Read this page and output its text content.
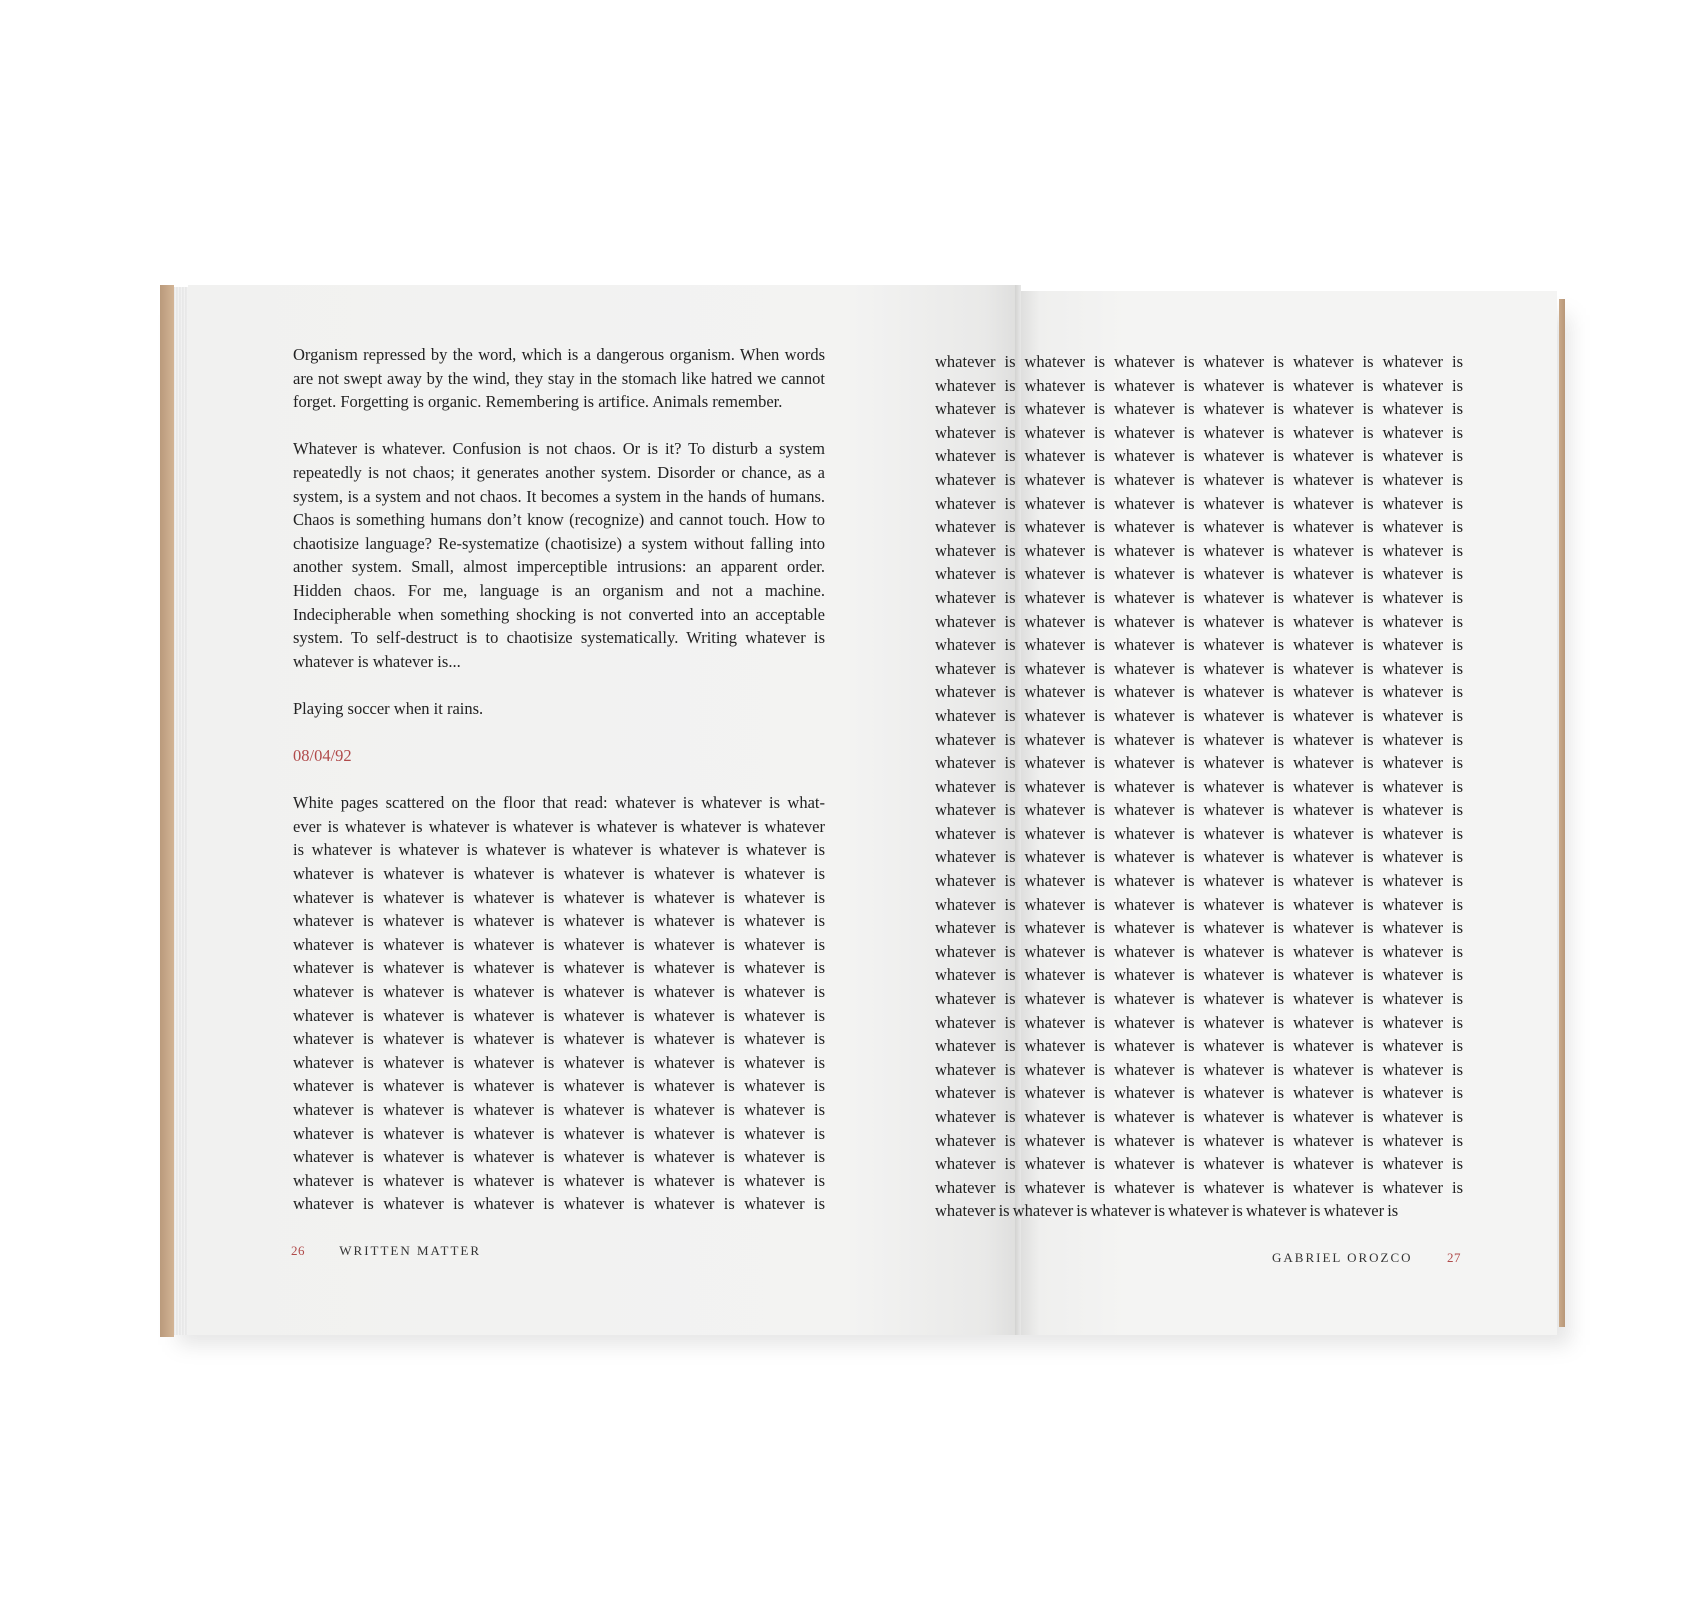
Organism repressed by the word, which is a dangerous organism. When words are not swept away by the wind, they stay in the stomach like hatred we cannot forget. Forgetting is organic. Remembering is artifice. Animals remember.

Whatever is whatever. Confusion is not chaos. Or is it? To disturb a system repeatedly is not chaos; it generates another system. Disorder or chance, as a system, is a system and not chaos. It becomes a system in the hands of humans. Chaos is something humans don’t know (recognize) and cannot touch. How to chaotisize language? Re-systematize (chaotisize) a system without falling into another system. Small, almost imperceptible intrusions: an apparent order. Hidden chaos. For me, language is an organism and not a machine. Indecipherable when something shocking is not converted into an acceptable system. To self-destruct is to chaotisize systematically. Writing whatever is whatever is whatever is...

Playing soccer when it rains.

08/04/92

White pages scattered on the floor that read: whatever is whatever is what-
ever is whatever is whatever is whatever is whatever is whatever is whatever
is whatever is whatever is whatever is whatever is whatever is whatever is
whatever is whatever is whatever is whatever is whatever is whatever is
whatever is whatever is whatever is whatever is whatever is whatever is
whatever is whatever is whatever is whatever is whatever is whatever is
whatever is whatever is whatever is whatever is whatever is whatever is
whatever is whatever is whatever is whatever is whatever is whatever is
whatever is whatever is whatever is whatever is whatever is whatever is
whatever is whatever is whatever is whatever is whatever is whatever is
whatever is whatever is whatever is whatever is whatever is whatever is
whatever is whatever is whatever is whatever is whatever is whatever is
whatever is whatever is whatever is whatever is whatever is whatever is
whatever is whatever is whatever is whatever is whatever is whatever is
whatever is whatever is whatever is whatever is whatever is whatever is
whatever is whatever is whatever is whatever is whatever is whatever is
whatever is whatever is whatever is whatever is whatever is whatever is
whatever is whatever is whatever is whatever is whatever is whatever is
whatever is whatever is whatever is whatever is whatever is whatever is
whatever is whatever is whatever is whatever is whatever is whatever is
whatever is whatever is whatever is whatever is whatever is whatever is
whatever is whatever is whatever is whatever is whatever is whatever is
whatever is whatever is whatever is whatever is whatever is whatever is
whatever is whatever is whatever is whatever is whatever is whatever is
whatever is whatever is whatever is whatever is whatever is whatever is
whatever is whatever is whatever is whatever is whatever is whatever is
whatever is whatever is whatever is whatever is whatever is whatever is
whatever is whatever is whatever is whatever is whatever is whatever is
whatever is whatever is whatever is whatever is whatever is whatever is
whatever is whatever is whatever is whatever is whatever is whatever is
whatever is whatever is whatever is whatever is whatever is whatever is
whatever is whatever is whatever is whatever is whatever is whatever is
whatever is whatever is whatever is whatever is whatever is whatever is
whatever is whatever is whatever is whatever is whatever is whatever is
whatever is whatever is whatever is whatever is whatever is whatever is
whatever is whatever is whatever is whatever is whatever is whatever is
whatever is whatever is whatever is whatever is whatever is whatever is
whatever is whatever is whatever is whatever is whatever is whatever is
whatever is whatever is whatever is whatever is whatever is whatever is
whatever is whatever is whatever is whatever is whatever is whatever is
whatever is whatever is whatever is whatever is whatever is whatever is
whatever is whatever is whatever is whatever is whatever is whatever is
whatever is whatever is whatever is whatever is whatever is whatever is
whatever is whatever is whatever is whatever is whatever is whatever is
whatever is whatever is whatever is whatever is whatever is whatever is
whatever is whatever is whatever is whatever is whatever is whatever is
whatever is whatever is whatever is whatever is whatever is whatever is
whatever is whatever is whatever is whatever is whatever is whatever is
whatever is whatever is whatever is whatever is whatever is whatever is
whatever is whatever is whatever is whatever is whatever is whatever is
whatever is whatever is whatever is whatever is whatever is whatever is
whatever is whatever is whatever is whatever is whatever is whatever is
whatever is whatever is whatever is whatever is whatever is whatever is
whatever is whatever is whatever is whatever is whatever is whatever is
whatever is whatever is whatever is whatever is whatever is whatever is
26	WRITTEN MATTER	GABRIEL OROZCO	27
